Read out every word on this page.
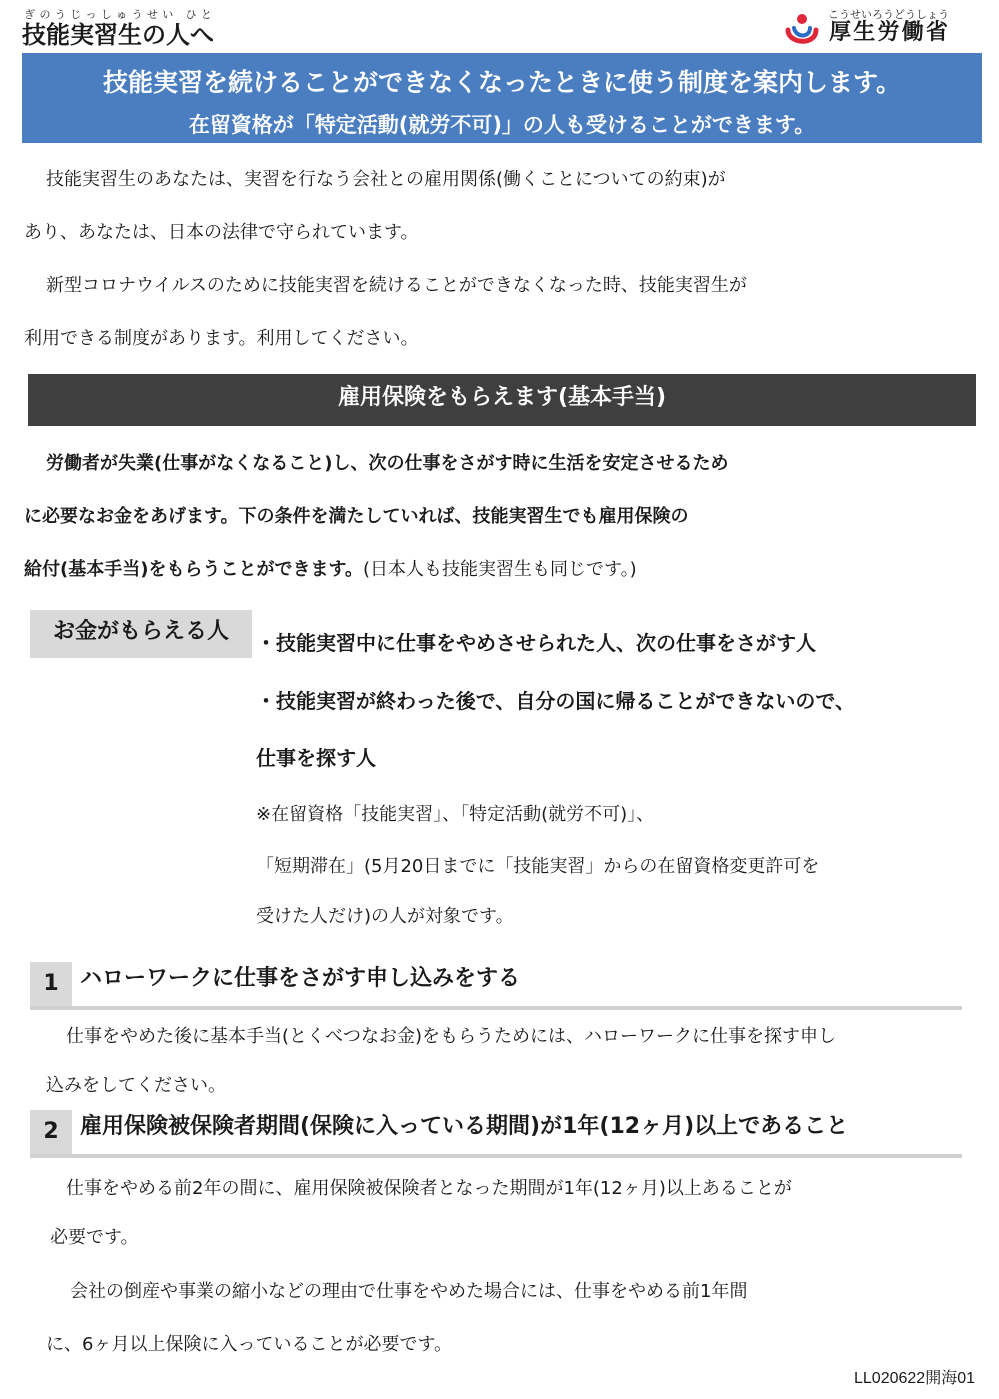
技能実習生の人へぎのうじっしゅうせい ひと
厚生労働省こうせいろうどうしょう
技能実習を続けることができなくなったときに使う制度を案内します。
在留資格が「特定活動(就労不可)」の人も受けることができます。
技能実習生のあなたは、実習を行なう会社との雇用関係(働くことについての約束)が
あり、あなたは、日本の法律で守られています。
新型コロナウイルスのために技能実習を続けることができなくなった時、技能実習生が
利用できる制度があります。利用してください。
雇用保険をもらえます(基本手当)
労働者が失業(仕事がなくなること)し、次の仕事をさがす時に生活を安定させるため
に必要なお金をあげます。下の条件を満たしていれば、技能実習生でも雇用保険の
給付(基本手当)をもらうことができます。(日本人も技能実習生も同じです。)
お金がもらえる人	・技能実習中に仕事をやめさせられた人、次の仕事をさがす人
・技能実習が終わった後で、自分の国に帰ることができないので、
仕事を探す人
※在留資格「技能実習」、「特定活動(就労不可)」、
「短期滞在」(5月20日までに「技能実習」からの在留資格変更許可を
受けた人だけ)の人が対象です。
1 ハローワークに仕事をさがす申し込みをする
仕事をやめた後に基本手当(とくべつなお金)をもらうためには、ハローワークに仕事を探す申し
込みをしてください。
2 雇用保険被保険者期間(保険に入っている期間)が1年(12ヶ月)以上であること
仕事をやめる前2年の間に、雇用保険被保険者となった期間が1年(12ヶ月)以上あることが
必要です。
会社の倒産や事業の縮小などの理由で仕事をやめた場合には、仕事をやめる前1年間
に、6ヶ月以上保険に入っていることが必要です。
LL020622開海01
